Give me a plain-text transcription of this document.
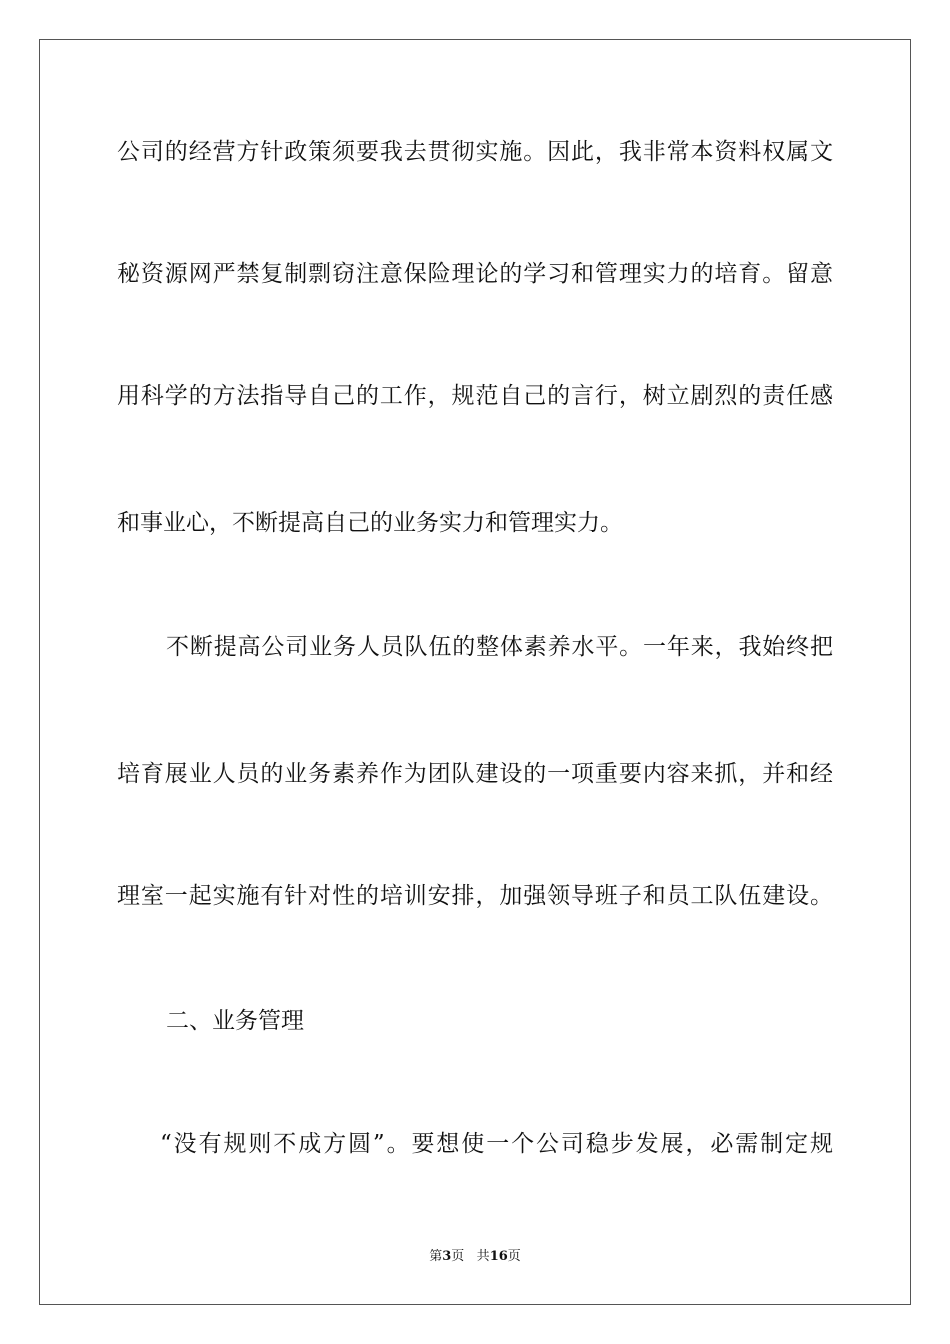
公司的经营方针政策须要我去贯彻实施。因此，我非常本资料权属文
秘资源网严禁复制剽窃注意保险理论的学习和管理实力的培育。留意
用科学的方法指导自己的工作，规范自己的言行，树立剧烈的责任感
和事业心，不断提高自己的业务实力和管理实力。
不断提高公司业务人员队伍的整体素养水平。一年来，我始终把
培育展业人员的业务素养作为团队建设的一项重要内容来抓，并和经
理室一起实施有针对性的培训安排，加强领导班子和员工队伍建设。
二、业务管理
“没有规则不成方圆”。要想使一个公司稳步发展，必需制定规
第3页 共16页
